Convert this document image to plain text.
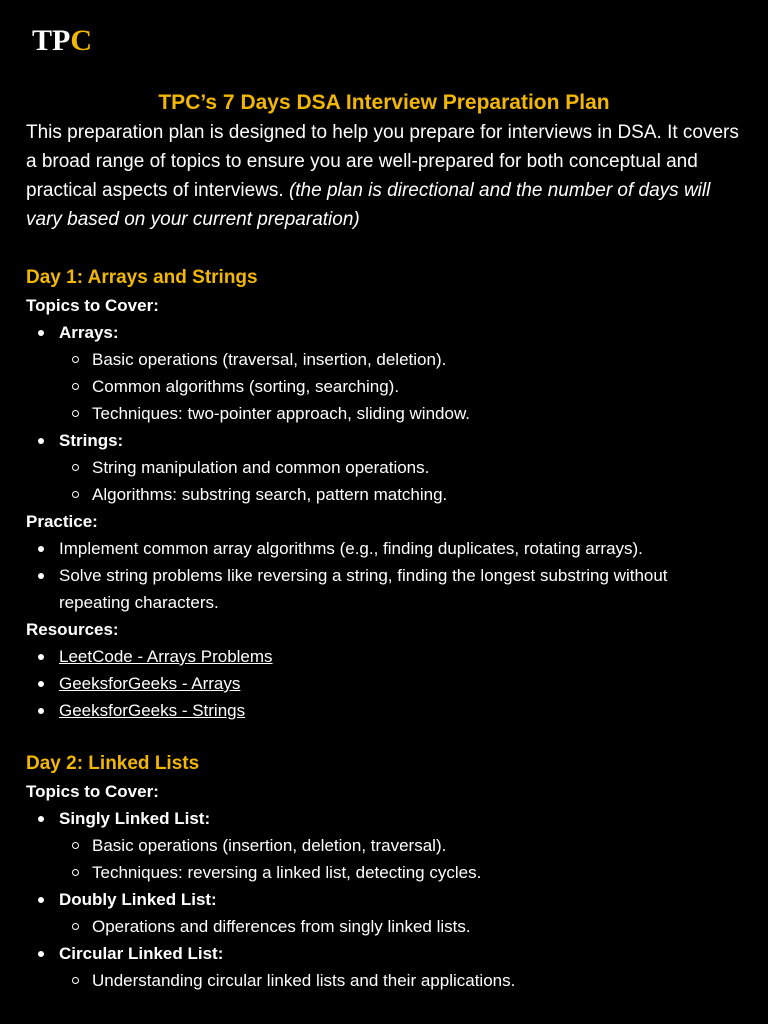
TPC
TPC’s 7 Days DSA Interview Preparation Plan

This preparation plan is designed to help you prepare for interviews in DSA. It covers a broad range of topics to ensure you are well-prepared for both conceptual and practical aspects of interviews. (the plan is directional and the number of days will vary based on your current preparation)

Day 1: Arrays and Strings

Topics to Cover:

Arrays:
Basic operations (traversal, insertion, deletion).
Common algorithms (sorting, searching).
Techniques: two-pointer approach, sliding window.
Strings:
String manipulation and common operations.
Algorithms: substring search, pattern matching.

Practice:

Implement common array algorithms (e.g., finding duplicates, rotating arrays).
Solve string problems like reversing a string, finding the longest substring without repeating characters.

Resources:

LeetCode - Arrays Problems
GeeksforGeeks - Arrays
GeeksforGeeks - Strings
Day 2: Linked Lists

Topics to Cover:

Singly Linked List:
Basic operations (insertion, deletion, traversal).
Techniques: reversing a linked list, detecting cycles.
Doubly Linked List:
Operations and differences from singly linked lists.
Circular Linked List:
Understanding circular linked lists and their applications.
